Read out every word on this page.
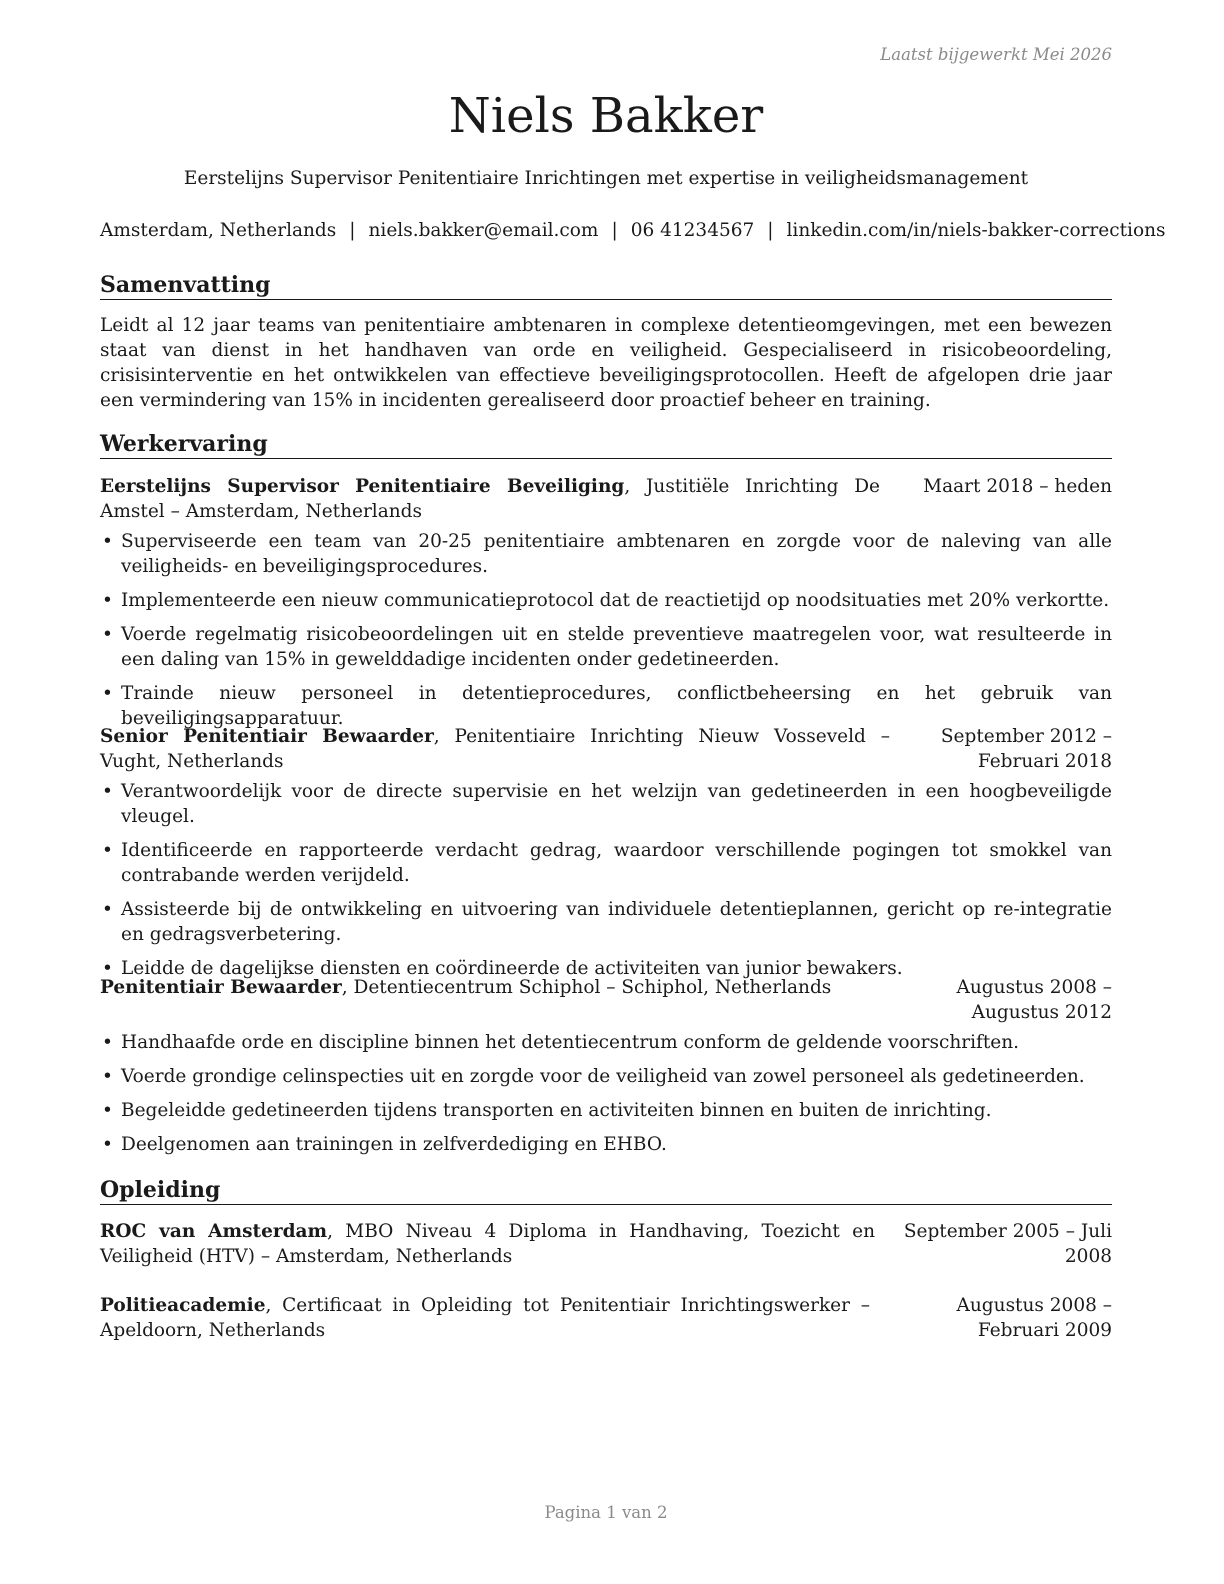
Laatst bijgewerkt Mei 2026
Niels Bakker
Eerstelijns Supervisor Penitentiaire Inrichtingen met expertise in veiligheidsmanagement
Amsterdam, Netherlands | niels.bakker@email.com | 06 41234567 | linkedin.com/in/niels-bakker-corrections
Samenvatting
Leidt al 12 jaar teams van penitentiaire ambtenaren in complexe detentieomgevingen, met een bewezen staat van dienst in het handhaven van orde en veiligheid. Gespecialiseerd in risicobeoordeling, crisisinterventie en het ontwikkelen van effectieve beveiligingsprotocollen. Heeft de afgelopen drie jaar een vermindering van 15% in incidenten gerealiseerd door proactief beheer en training.
Werkervaring
Eerstelijns Supervisor Penitentiaire Beveiliging, Justitiële Inrichting De Amstel – Amsterdam, Netherlands
Maart 2018 – heden
• Superviseerde een team van 20-25 penitentiaire ambtenaren en zorgde voor de naleving van alle veiligheids- en beveiligingsprocedures.
• Implementeerde een nieuw communicatieprotocol dat de reactietijd op noodsituaties met 20% verkortte.
• Voerde regelmatig risicobeoordelingen uit en stelde preventieve maatregelen voor, wat resulteerde in een daling van 15% in gewelddadige incidenten onder gedetineerden.
• Trainde nieuw personeel in detentieprocedures, conflictbeheersing en het gebruik van beveiligingsapparatuur.
Senior Penitentiair Bewaarder, Penitentiaire Inrichting Nieuw Vosseveld – Vught, Netherlands
September 2012 – Februari 2018
• Verantwoordelijk voor de directe supervisie en het welzijn van gedetineerden in een hoogbeveiligde vleugel.
• Identificeerde en rapporteerde verdacht gedrag, waardoor verschillende pogingen tot smokkel van contrabande werden verijdeld.
• Assisteerde bij de ontwikkeling en uitvoering van individuele detentieplannen, gericht op re-integratie en gedragsverbetering.
• Leidde de dagelijkse diensten en coördineerde de activiteiten van junior bewakers.
Penitentiair Bewaarder, Detentiecentrum Schiphol – Schiphol, Netherlands	Augustus 2008 – Augustus 2012
• Handhaafde orde en discipline binnen het detentiecentrum conform de geldende voorschriften.
• Voerde grondige celinspecties uit en zorgde voor de veiligheid van zowel personeel als gedetineerden.
• Begeleidde gedetineerden tijdens transporten en activiteiten binnen en buiten de inrichting.
• Deelgenomen aan trainingen in zelfverdediging en EHBO.
Opleiding
ROC van Amsterdam, MBO Niveau 4 Diploma in Handhaving, Toezicht en Veiligheid (HTV) – Amsterdam, Netherlands
September 2005 – Juli 2008
Politieacademie, Certificaat in Opleiding tot Penitentiair Inrichtingswerker – Apeldoorn, Netherlands
Augustus 2008 – Februari 2009
Pagina 1 van 2
